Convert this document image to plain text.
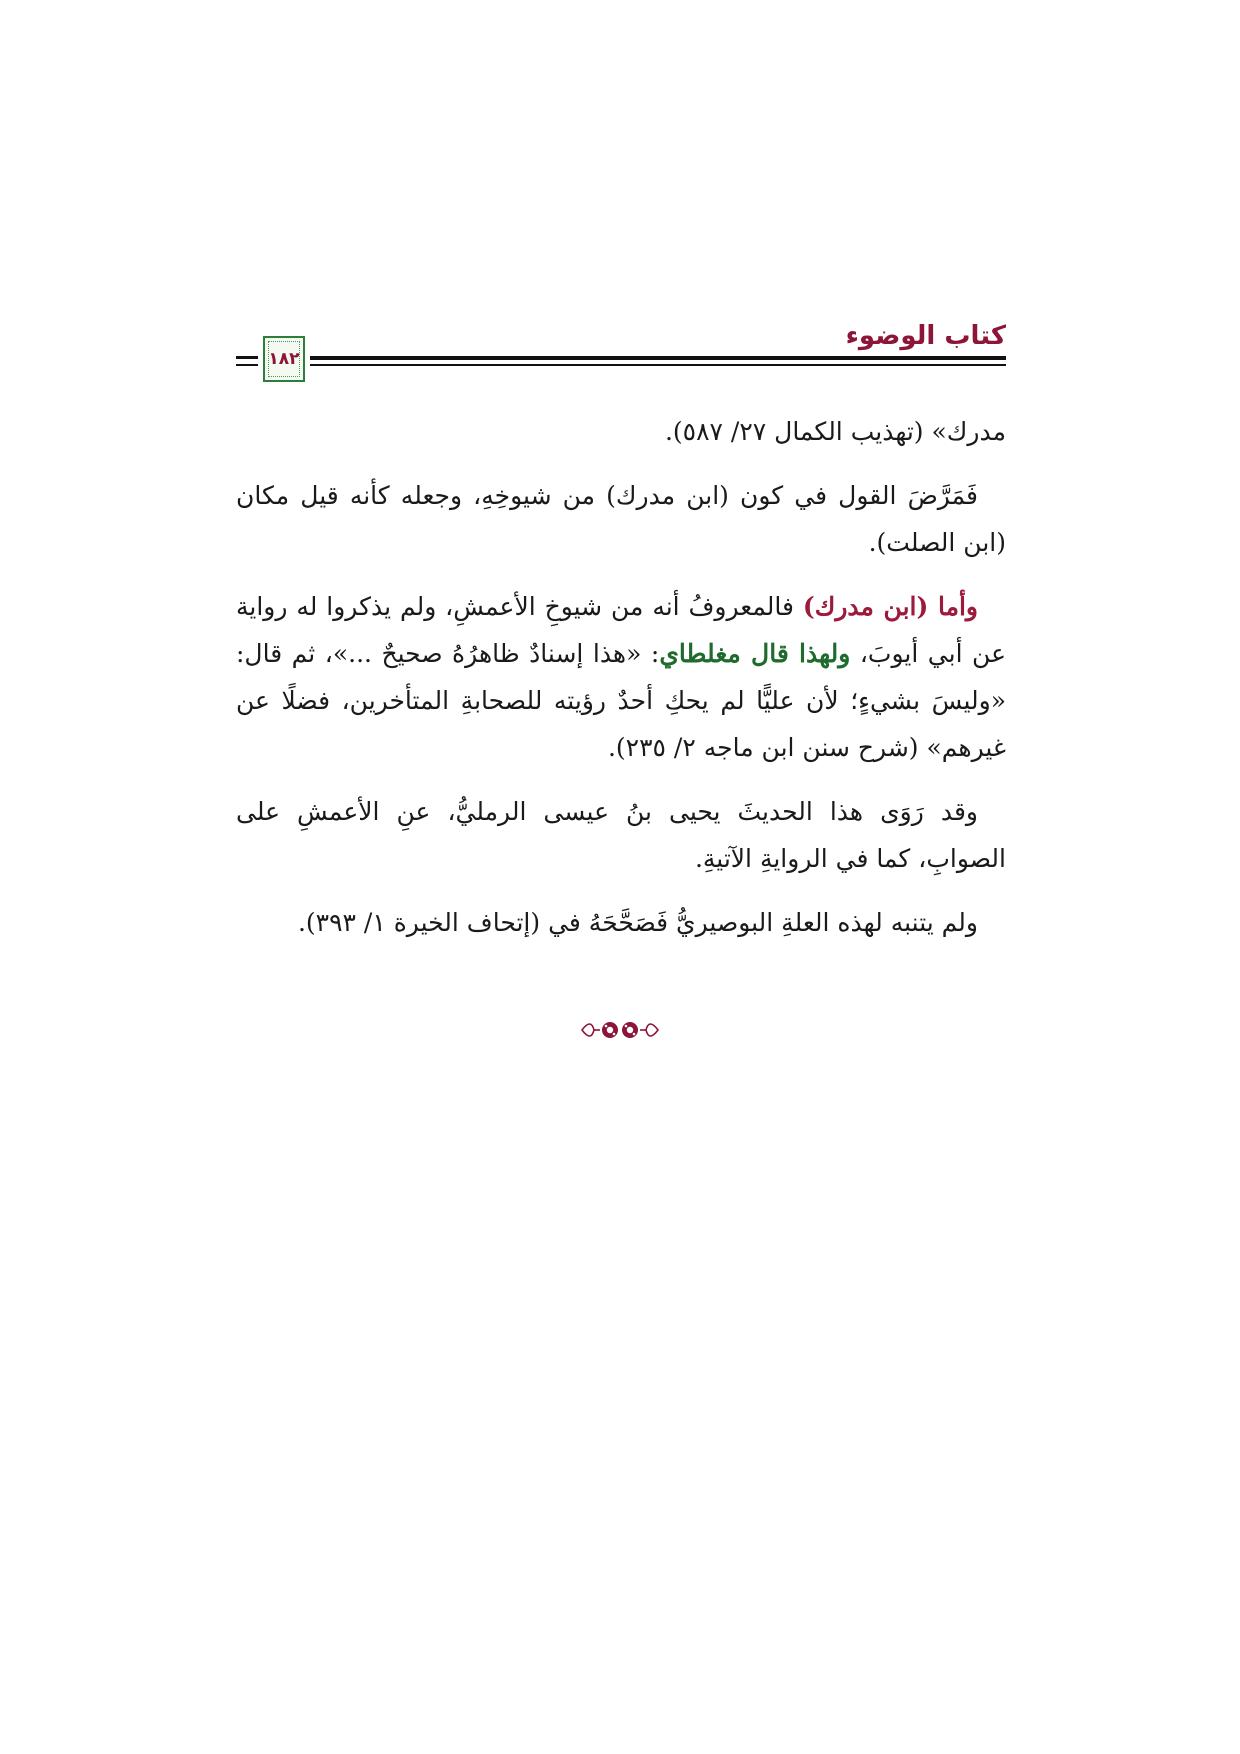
كتاب الوضوء
١٨٢

مدرك» (تهذيب الكمال ٢٧/ ٥٨٧).

فَمَرَّضَ القول في كون (ابن مدرك) من شيوخِهِ، وجعله كأنه قيل مكان (ابن الصلت).

وأما (ابن مدرك) فالمعروفُ أنه من شيوخِ الأعمشِ، ولم يذكروا له رواية عن أبي أيوبَ، ولهذا قال مغلطاي: «هذا إسنادٌ ظاهرُهُ صحيحٌ ...»، ثم قال: «وليسَ بشيءٍ؛ لأن عليًّا لم يحكِ أحدٌ رؤيته للصحابةِ المتأخرين، فضلًا عن غيرهم» (شرح سنن ابن ماجه ٢/ ٢٣٥).

وقد رَوَى هذا الحديثَ يحيى بنُ عيسى الرمليُّ، عنِ الأعمشِ على الصوابِ، كما في الروايةِ الآتيةِ.

ولم يتنبه لهذه العلةِ البوصيريُّ فَصَحَّحَهُ في (إتحاف الخيرة ١/ ٣٩٣).
